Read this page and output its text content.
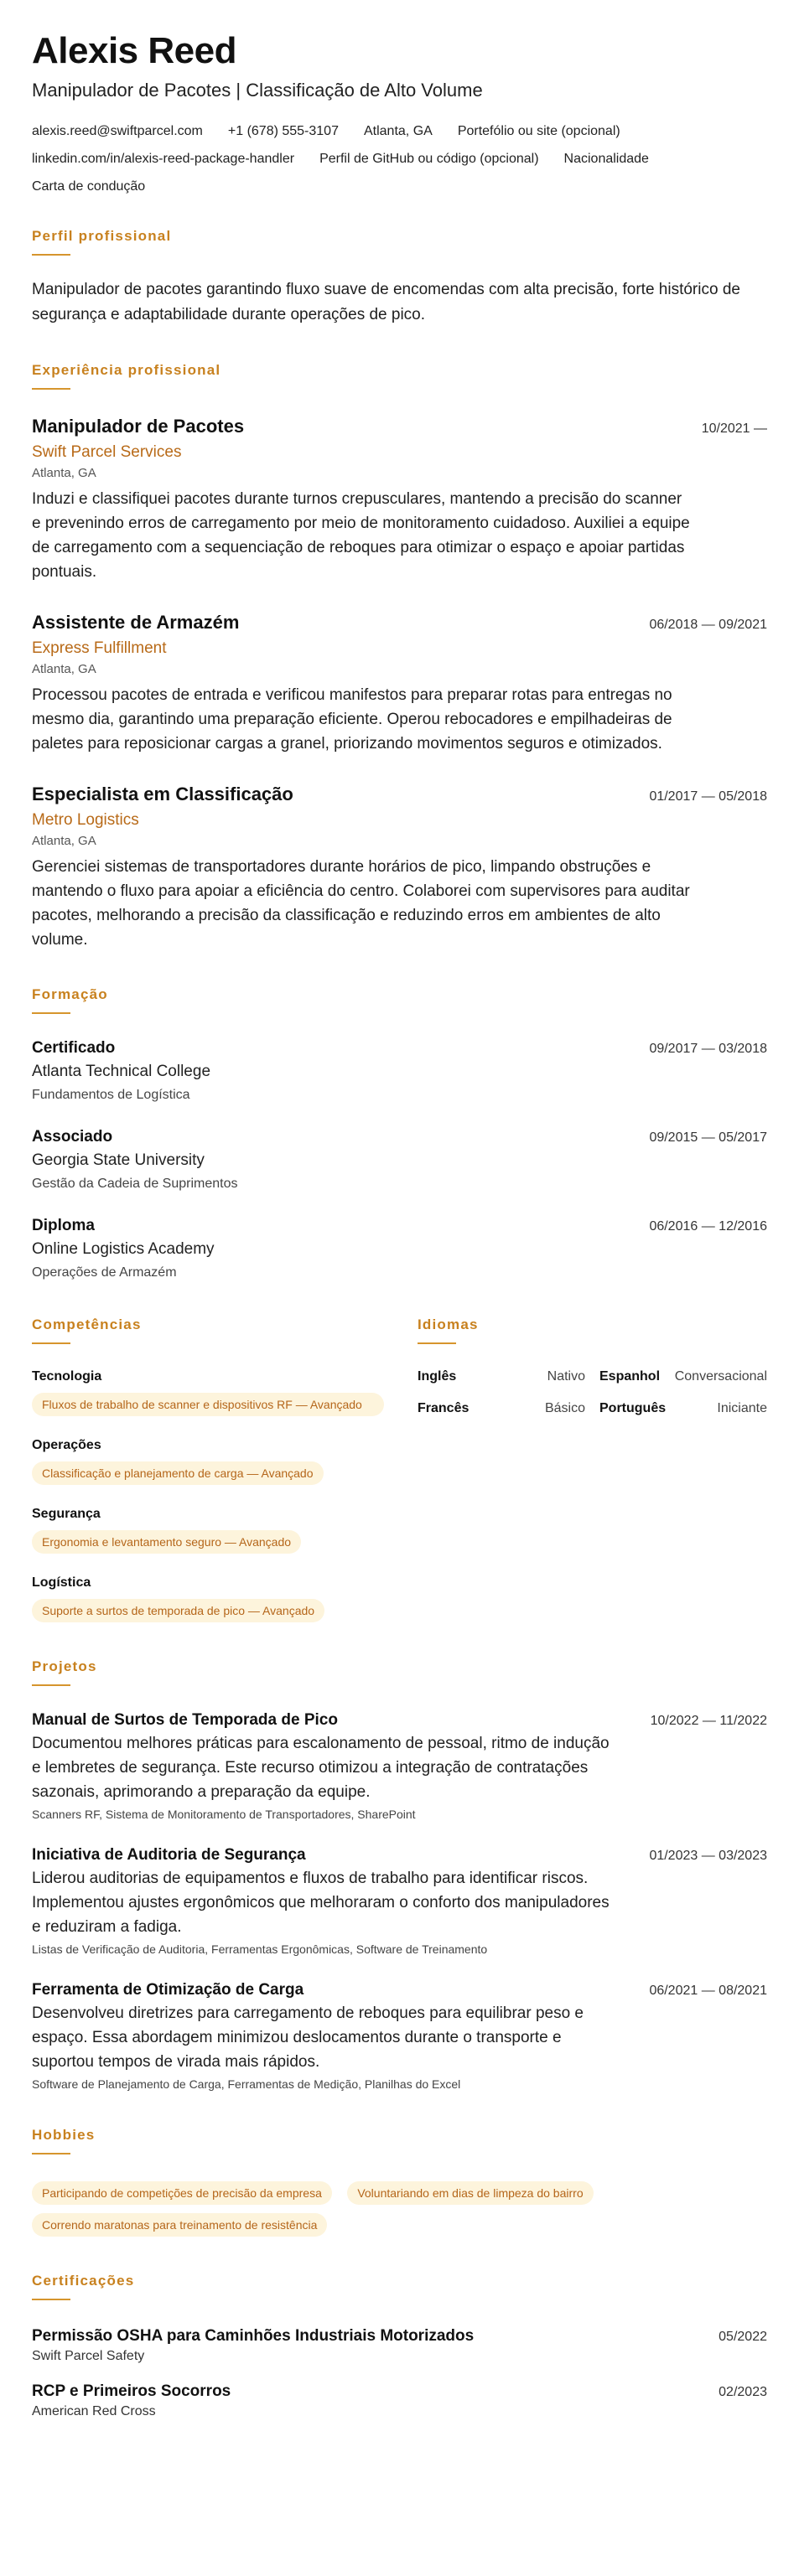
Alexis Reed
Manipulador de Pacotes | Classificação de Alto Volume
alexis.reed@swiftparcel.com +1 (678) 555-3107 Atlanta, GA Portefólio ou site (opcional)
linkedin.com/in/alexis-reed-package-handler Perfil de GitHub ou código (opcional) Nacionalidade
Carta de condução
Perfil profissional

Manipulador de pacotes garantindo fluxo suave de encomendas com alta precisão, forte histórico de segurança e adaptabilidade durante operações de pico.

Experiência profissional
Manipulador de Pacotes	10/2021 —
Swift Parcel Services
Atlanta, GA

Induzi e classifiquei pacotes durante turnos crepusculares, mantendo a precisão do scanner e prevenindo erros de carregamento por meio de monitoramento cuidadoso. Auxiliei a equipe de carregamento com a sequenciação de reboques para otimizar o espaço e apoiar partidas pontuais.

Assistente de Armazém	06/2018 — 09/2021
Express Fulfillment
Atlanta, GA

Processou pacotes de entrada e verificou manifestos para preparar rotas para entregas no mesmo dia, garantindo uma preparação eficiente. Operou rebocadores e empilhadeiras de paletes para reposicionar cargas a granel, priorizando movimentos seguros e otimizados.

Especialista em Classificação	01/2017 — 05/2018
Metro Logistics
Atlanta, GA

Gerenciei sistemas de transportadores durante horários de pico, limpando obstruções e mantendo o fluxo para apoiar a eficiência do centro. Colaborei com supervisores para auditar pacotes, melhorando a precisão da classificação e reduzindo erros em ambientes de alto volume.

Formação
Certificado	09/2017 — 03/2018
Atlanta Technical College
Fundamentos de Logística
Associado	09/2015 — 05/2017
Georgia State University
Gestão da Cadeia de Suprimentos
Diploma	06/2016 — 12/2016
Online Logistics Academy
Operações de Armazém
Competências
Tecnologia
Fluxos de trabalho de scanner e dispositivos RF — Avançado
Operações
Classificação e planejamento de carga — Avançado
Segurança
Ergonomia e levantamento seguro — Avançado
Logística
Suporte a surtos de temporada de pico — Avançado
Idiomas
Inglês	Nativo Espanhol Conversacional
Francês	Básico Português	Iniciante
Projetos
Manual de Surtos de Temporada de Pico	10/2022 — 11/2022

Documentou melhores práticas para escalonamento de pessoal, ritmo de indução e lembretes de segurança. Este recurso otimizou a integração de contratações sazonais, aprimorando a preparação da equipe.

Scanners RF, Sistema de Monitoramento de Transportadores, SharePoint
Iniciativa de Auditoria de Segurança	01/2023 — 03/2023

Liderou auditorias de equipamentos e fluxos de trabalho para identificar riscos. Implementou ajustes ergonômicos que melhoraram o conforto dos manipuladores e reduziram a fadiga.

Listas de Verificação de Auditoria, Ferramentas Ergonômicas, Software de Treinamento
Ferramenta de Otimização de Carga	06/2021 — 08/2021

Desenvolveu diretrizes para carregamento de reboques para equilibrar peso e espaço. Essa abordagem minimizou deslocamentos durante o transporte e suportou tempos de virada mais rápidos.

Software de Planejamento de Carga, Ferramentas de Medição, Planilhas do Excel
Hobbies
Participando de competições de precisão da empresa	Voluntariando em dias de limpeza do bairro
Correndo maratonas para treinamento de resistência
Certificações
Permissão OSHA para Caminhões Industriais Motorizados	05/2022
Swift Parcel Safety
RCP e Primeiros Socorros	02/2023
American Red Cross
